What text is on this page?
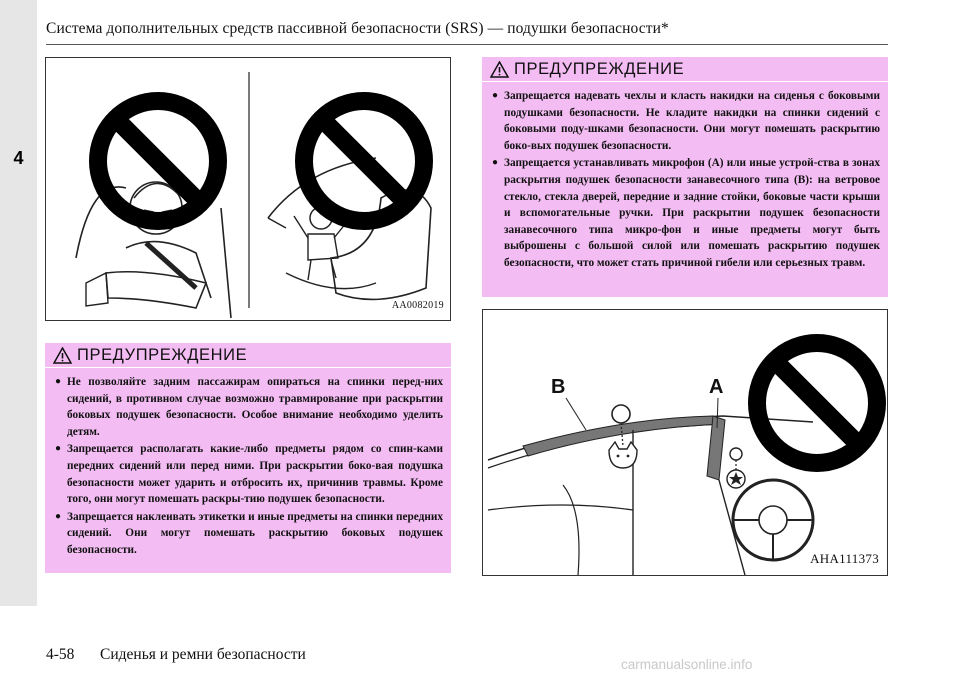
4
Система дополнительных средств пассивной безопасности (SRS) — подушки безопасности*
AA0082019
ПРЕДУПРЕЖДЕНИЕ
● Запрещается надевать чехлы и класть накидки на сиденья с боковыми подушками безопасности. Не кладите накидки на спинки сидений с боковыми поду-шками безопасности. Они могут помешать раскрытию боко-вых подушек безопасности.
● Запрещается устанавливать микрофон (A) или иные устрой-ства в зонах раскрытия подушек безопасности занавесочного типа (B): на ветровое стекло, стекла дверей, передние и задние стойки, боковые части крыши и вспомогательные ручки. При раскрытии подушек безопасности занавесочного типа микро-фон и иные предметы могут быть выброшены с большой силой или помешать раскрытию подушек безопасности, что может стать причиной гибели или серьезных травм.
ПРЕДУПРЕЖДЕНИЕ
● Не позволяйте задним пассажирам опираться на спинки перед-них сидений, в противном случае возможно травмирование при раскрытии боковых подушек безопасности. Особое внимание необходимо уделить детям.
● Запрещается располагать какие-либо предметы рядом со спин-ками передних сидений или перед ними. При раскрытии боко-вая подушка безопасности может ударить и отбросить их, причинив травмы. Кроме того, они могут помешать раскры-тию подушек безопасности.
● Запрещается наклеивать этикетки и иные предметы на спинки передних сидений. Они могут помешать раскрытию боковых подушек безопасности.
B	A
AHA111373
4-58 Сиденья и ремни безопасности
carmanualsonline.info
